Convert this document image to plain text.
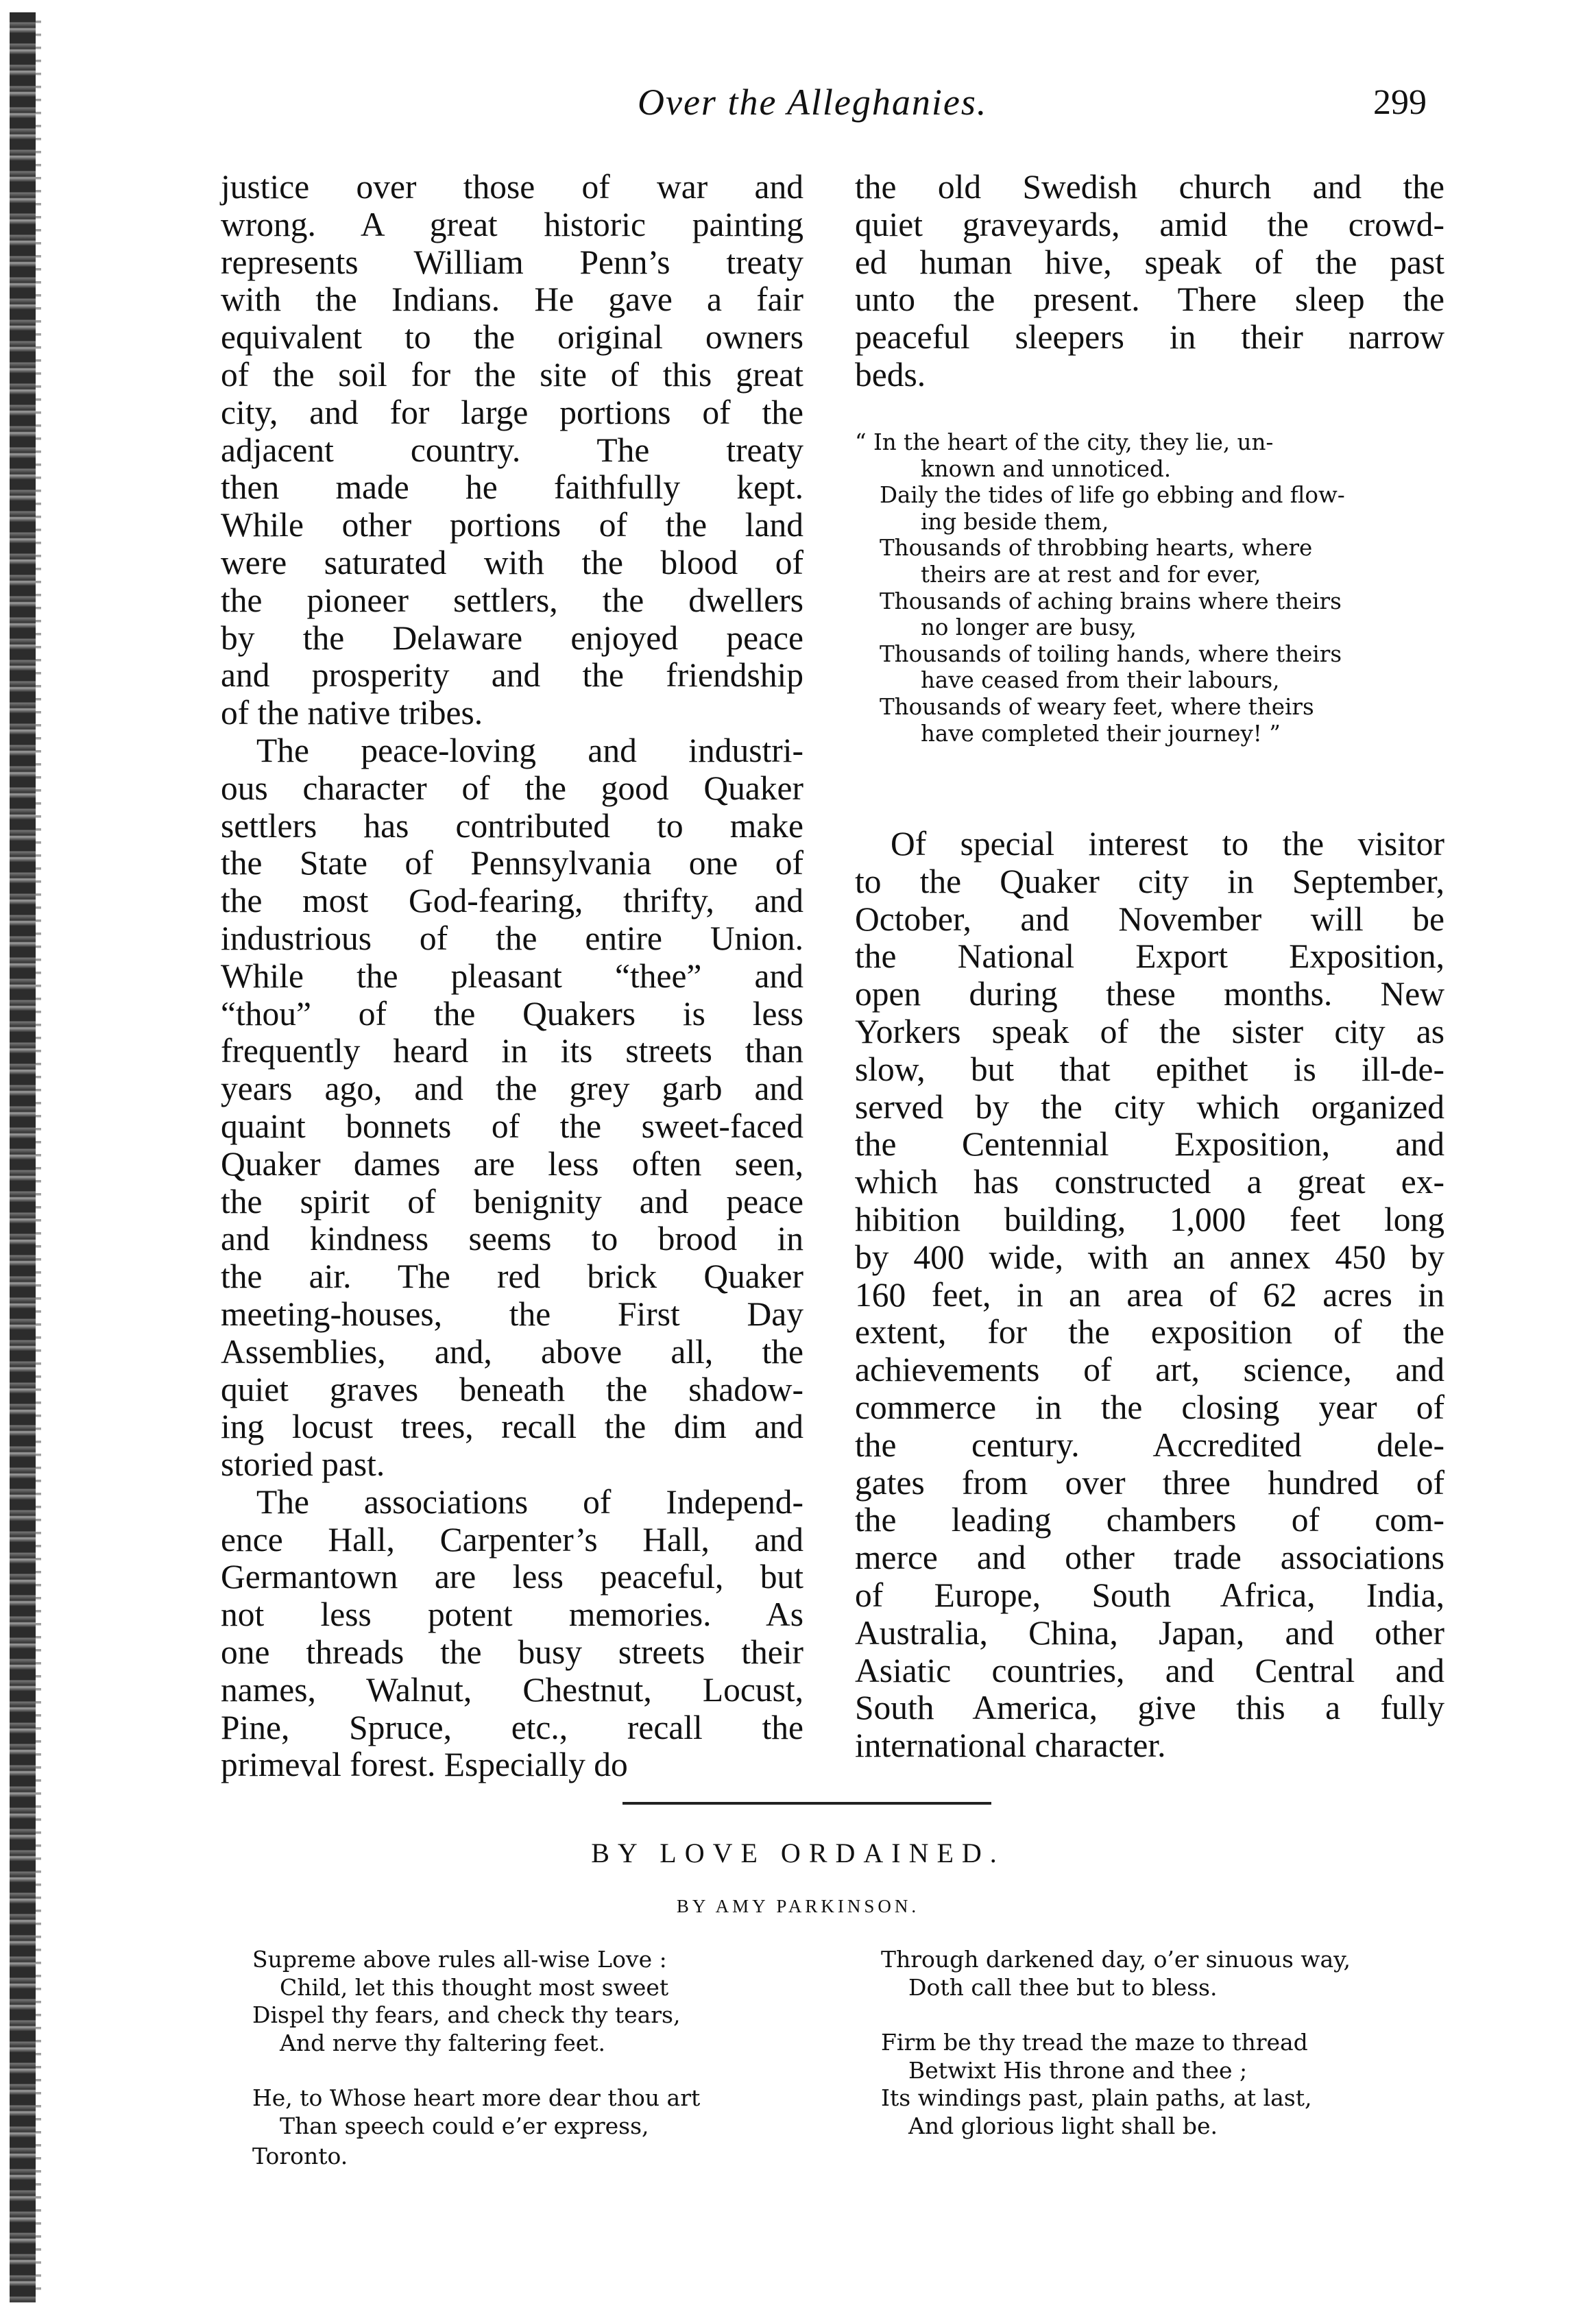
Over the Alleghanies.	299
justice over those of war and
wrong. A great historic painting
represents William Penn’s treaty
with the Indians. He gave a fair
equivalent to the original owners
of the soil for the site of this great
city, and for large portions of the
adjacent country. The treaty
then made he faithfully kept.
While other portions of the land
were saturated with the blood of
the pioneer settlers, the dwellers
by the Delaware enjoyed peace
and prosperity and the friendship
of the native tribes.
The peace-loving and industri-
ous character of the good Quaker
settlers has contributed to make
the State of Pennsylvania one of
the most God-fearing, thrifty, and
industrious of the entire Union.
While the pleasant “thee” and
“thou” of the Quakers is less
frequently heard in its streets than
years ago, and the grey garb and
quaint bonnets of the sweet-faced
Quaker dames are less often seen,
the spirit of benignity and peace
and kindness seems to brood in
the air. The red brick Quaker
meeting-houses, the First Day
Assemblies, and, above all, the
quiet graves beneath the shadow-
ing locust trees, recall the dim and
storied past.
The associations of Independ-
ence Hall, Carpenter’s Hall, and
Germantown are less peaceful, but
not less potent memories. As
one threads the busy streets their
names, Walnut, Chestnut, Locust,
Pine, Spruce, etc., recall the
primeval forest. Especially do
the old Swedish church and the
quiet graveyards, amid the crowd-
ed human hive, speak of the past
unto the present. There sleep the
peaceful sleepers in their narrow
beds.
“ In the heart of the city, they lie, un-
known and unnoticed.
Daily the tides of life go ebbing and flow-
ing beside them,
Thousands of throbbing hearts, where
theirs are at rest and for ever,
Thousands of aching brains where theirs
no longer are busy,
Thousands of toiling hands, where theirs
have ceased from their labours,
Thousands of weary feet, where theirs
have completed their journey! ”
Of special interest to the visitor
to the Quaker city in September,
October, and November will be
the National Export Exposition,
open during these months. New
Yorkers speak of the sister city as
slow, but that epithet is ill-de-
served by the city which organized
the Centennial Exposition, and
which has constructed a great ex-
hibition building, 1,000 feet long
by 400 wide, with an annex 450 by
160 feet, in an area of 62 acres in
extent, for the exposition of the
achievements of art, science, and
commerce in the closing year of
the century. Accredited dele-
gates from over three hundred of
the leading chambers of com-
merce and other trade associations
of Europe, South Africa, India,
Australia, China, Japan, and other
Asiatic countries, and Central and
South America, give this a fully
international character.
BY LOVE ORDAINED.
BY AMY PARKINSON.
Supreme above rules all-wise Love :
Child, let this thought most sweet
Dispel thy fears, and check thy tears,
And nerve thy faltering feet.
He, to Whose heart more dear thou art
Than speech could e’er express,
Toronto.
Through darkened day, o’er sinuous way,
Doth call thee but to bless.
Firm be thy tread the maze to thread
Betwixt His throne and thee ;
Its windings past, plain paths, at last,
And glorious light shall be.
